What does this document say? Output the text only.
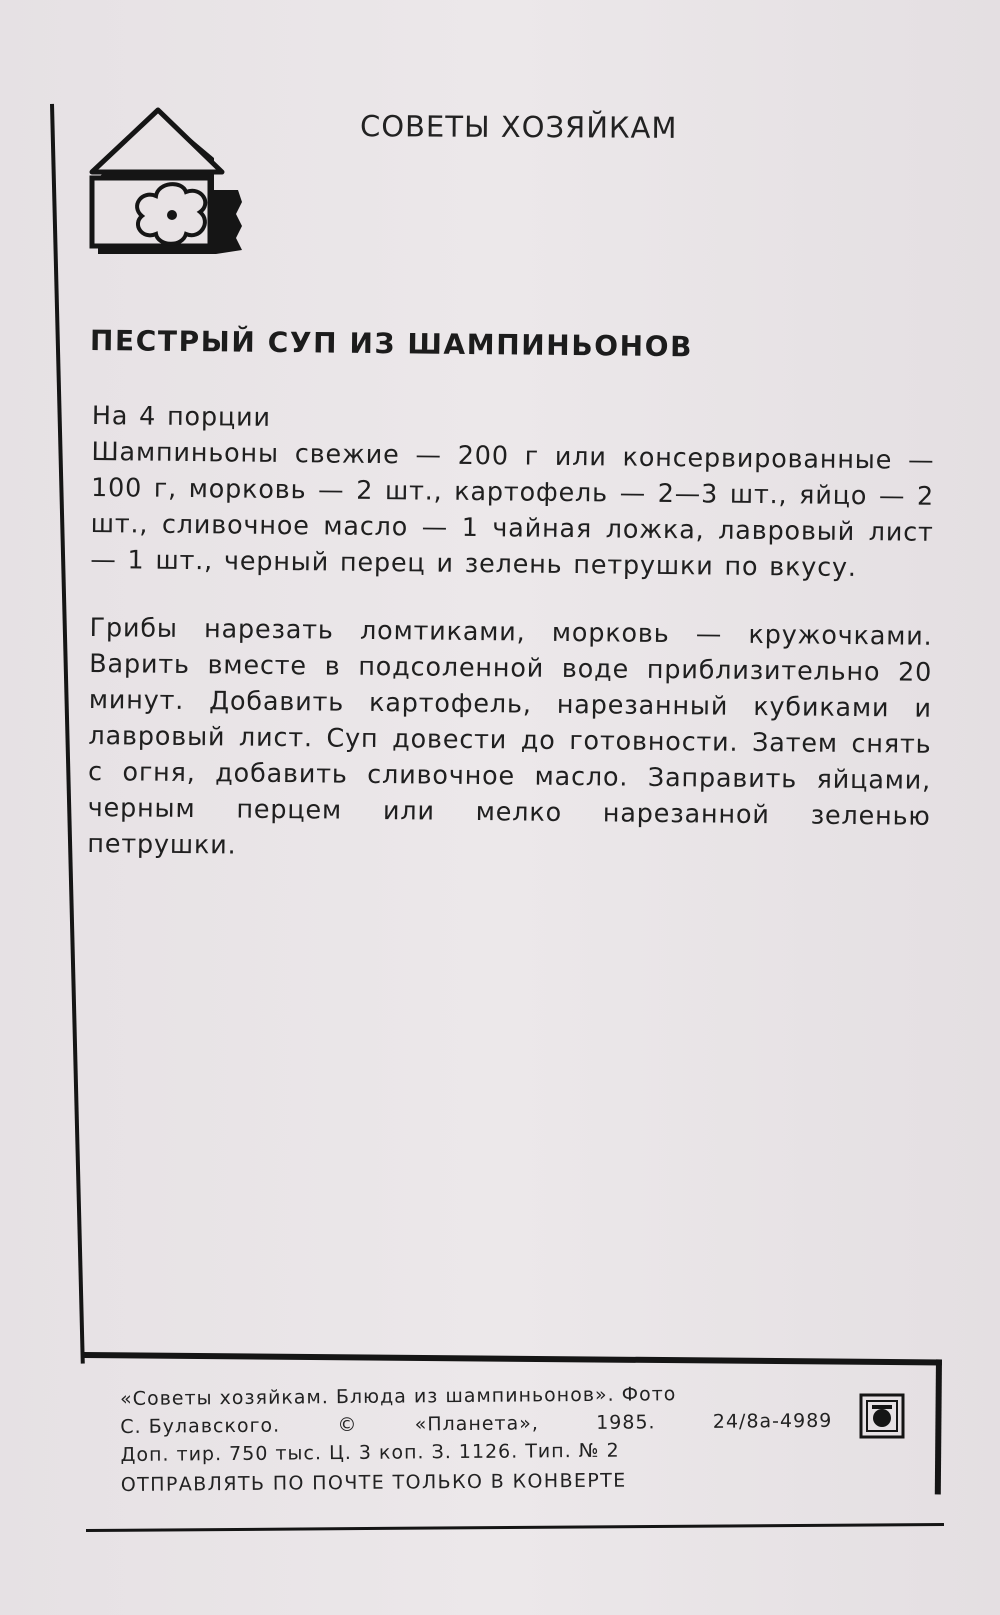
СОВЕТЫ ХОЗЯЙКАМ
ПЕСТРЫЙ СУП ИЗ ШАМПИНЬОНОВ

На 4 порции

Шампиньоны свежие — 200 г или консервированные — 100 г, морковь — 2 шт., картофель — 2—3 шт., яйцо — 2 шт., сливочное масло — 1 чайная ложка, лавровый лист — 1 шт., черный перец и зелень петрушки по вкусу.

Грибы нарезать ломтиками, морковь — кружочками. Варить вместе в подсоленной воде приблизительно 20 минут. Добавить картофель, нарезанный кубиками и лавровый лист. Суп довести до готовности. Затем снять с огня, добавить сливочное масло. Заправить яйцами, черным перцем или мелко нарезанной зеленью петрушки.

«Советы хозяйкам. Блюда из шампиньонов». Фото
С. Булавского.	©	«Планета»,	1985.	24/8а-4989
Доп. тир. 750 тыс. Ц. 3 коп. З. 1126. Тип. № 2
ОТПРАВЛЯТЬ ПО ПОЧТЕ ТОЛЬКО В КОНВЕРТЕ
